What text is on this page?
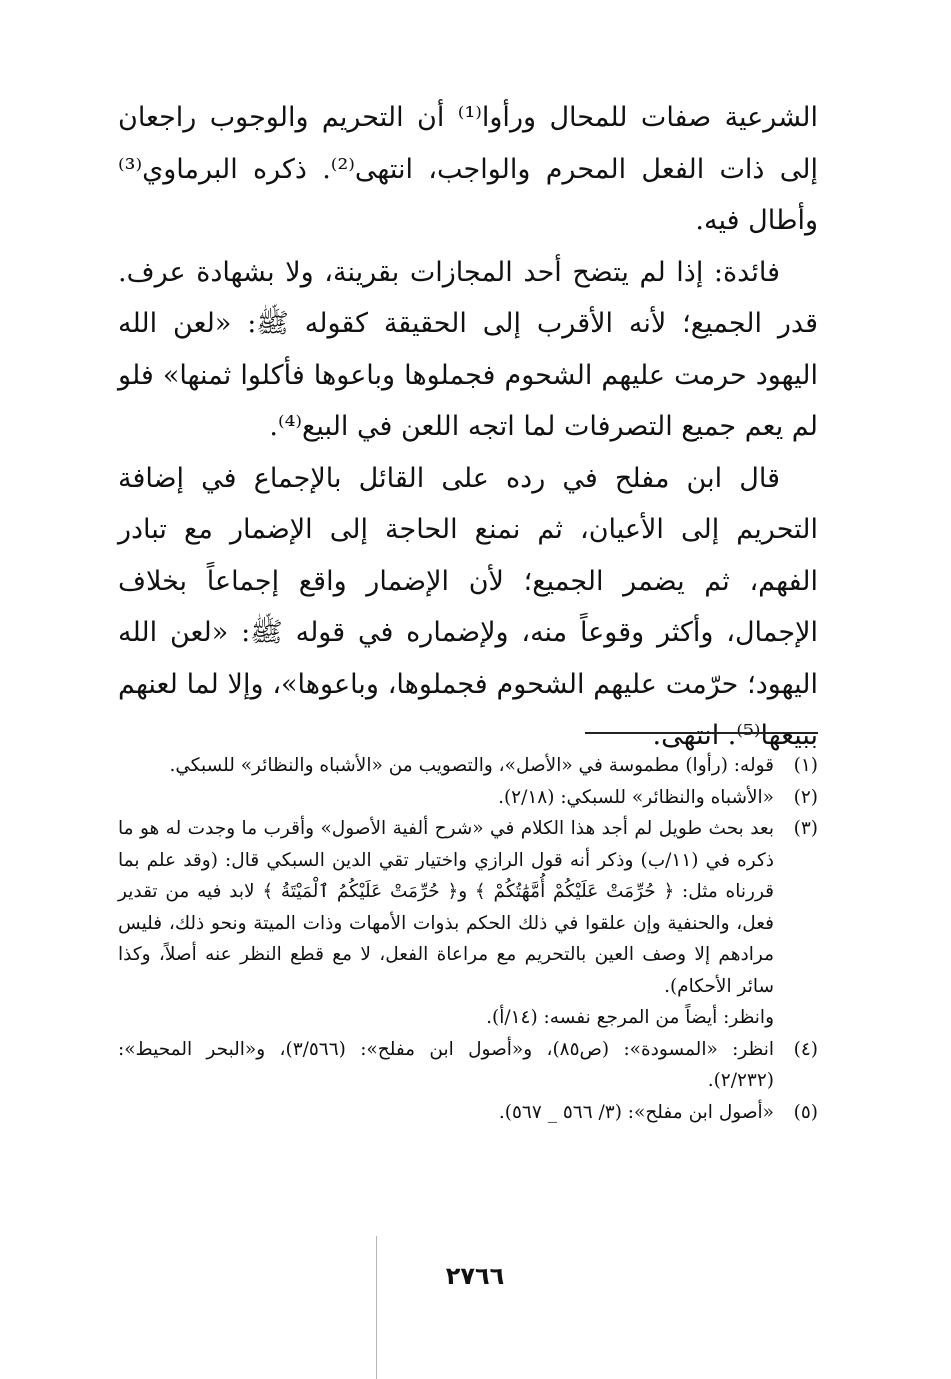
الشرعية صفات للمحال ورأوا⁽¹⁾ أن التحريم والوجوب راجعان إلى ذات الفعل المحرم والواجب، انتهى⁽²⁾. ذكره البرماوي⁽³⁾ وأطال فيه.

فائدة: إذا لم يتضح أحد المجازات بقرينة، ولا بشهادة عرف. قدر الجميع؛ لأنه الأقرب إلى الحقيقة كقوله ﷺ: «لعن الله اليهود حرمت عليهم الشحوم فجملوها وباعوها فأكلوا ثمنها» فلو لم يعم جميع التصرفات لما اتجه اللعن في البيع⁽⁴⁾.

قال ابن مفلح في رده على القائل بالإجماع في إضافة التحريم إلى الأعيان، ثم نمنع الحاجة إلى الإضمار مع تبادر الفهم، ثم يضمر الجميع؛ لأن الإضمار واقع إجماعاً بخلاف الإجمال، وأكثر وقوعاً منه، ولإضماره في قوله ﷺ: «لعن الله اليهود؛ حرّمت عليهم الشحوم فجملوها، وباعوها»، وإلا لما لعنهم ببيعها⁽⁵⁾. انتهى.

(١)
قوله: (رأوا) مطموسة في «الأصل»، والتصويب من «الأشباه والنظائر» للسبكي.
(٢)
«الأشباه والنظائر» للسبكي: (٢/١٨).
(٣)
بعد بحث طويل لم أجد هذا الكلام في «شرح ألفية الأصول» وأقرب ما وجدت له هو ما ذكره في (١١/ب) وذكر أنه قول الرازي واختيار تقي الدين السبكي قال: (وقد علم بما قررناه مثل: ﴿ حُرِّمَتْ عَلَيْكُمْ أُمَّهَٰتُكُمْ ﴾ و﴿ حُرِّمَتْ عَلَيْكُمُ ٱلْمَيْتَةُ ﴾ لابد فيه من تقدير فعل، والحنفية وإن علقوا في ذلك الحكم بذوات الأمهات وذات الميتة ونحو ذلك، فليس مرادهم إلا وصف العين بالتحريم مع مراعاة الفعل، لا مع قطع النظر عنه أصلاً، وكذا سائر الأحكام).
وانظر: أيضاً من المرجع نفسه: (١٤/أ).
(٤)
انظر: «المسودة»: (ص٨٥)، و«أصول ابن مفلح»: (٣/٥٦٦)، و«البحر المحيط»: (٢/٢٣٢).
(٥)
«أصول ابن مفلح»: (٣/ ٥٦٦ _ ٥٦٧).
٢٧٦٦
